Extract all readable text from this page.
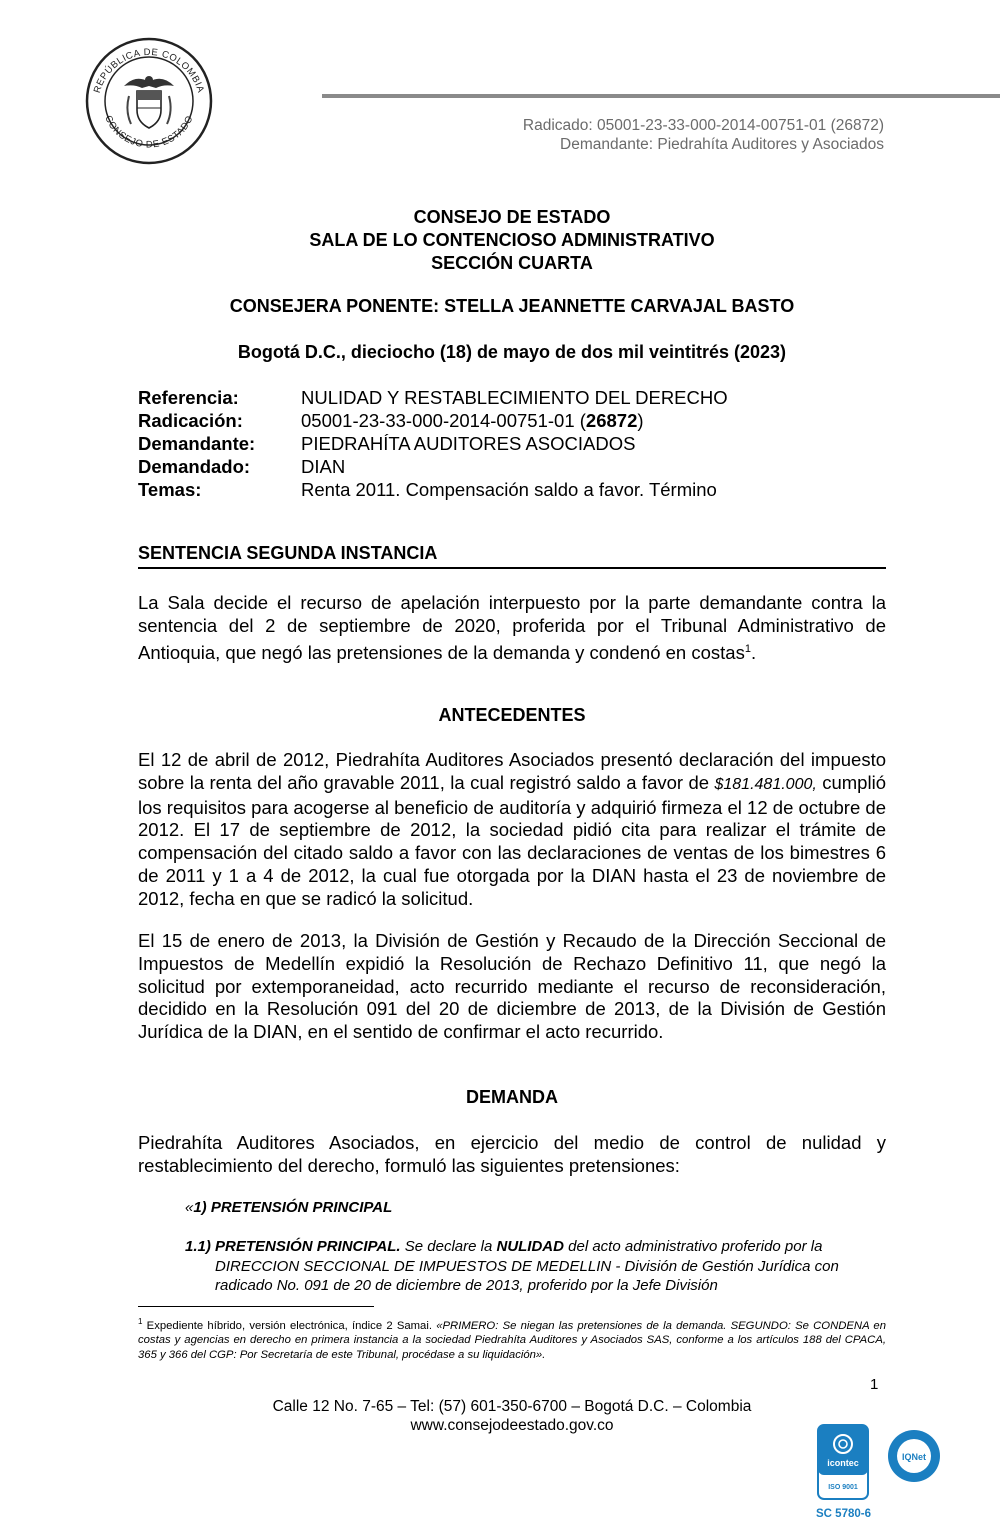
REPÚBLICA DE COLOMBIA
CONSEJO DE ESTADO	Radicado: 05001-23-33-000-2014-00751-01 (26872)
Demandante: Piedrahíta Auditores y Asociados
CONSEJO DE ESTADO
SALA DE LO CONTENCIOSO ADMINISTRATIVO
SECCIÓN CUARTA
CONSEJERA PONENTE: STELLA JEANNETTE CARVAJAL BASTO
Bogotá D.C., dieciocho (18) de mayo de dos mil veintitrés (2023)
Referencia:	NULIDAD Y RESTABLECIMIENTO DEL DERECHO
Radicación:	05001-23-33-000-2014-00751-01 (26872)
Demandante:	PIEDRAHÍTA AUDITORES ASOCIADOS
Demandado:	DIAN
Temas:	Renta 2011. Compensación saldo a favor. Término
SENTENCIA SEGUNDA INSTANCIA
La Sala decide el recurso de apelación interpuesto por la parte demandante contra la sentencia del 2 de septiembre de 2020, proferida por el Tribunal Administrativo de Antioquia, que negó las pretensiones de la demanda y condenó en costas$^1$.
ANTECEDENTES
El 12 de abril de 2012, Piedrahíta Auditores Asociados presentó declaración del impuesto sobre la renta del año gravable 2011, la cual registró saldo a favor de $181.481.000, cumplió los requisitos para acogerse al beneficio de auditoría y adquirió firmeza el 12 de octubre de 2012. El 17 de septiembre de 2012, la sociedad pidió cita para realizar el trámite de compensación del citado saldo a favor con las declaraciones de ventas de los bimestres 6 de 2011 y 1 a 4 de 2012, la cual fue otorgada por la DIAN hasta el 23 de noviembre de 2012, fecha en que se radicó la solicitud.
El 15 de enero de 2013, la División de Gestión y Recaudo de la Dirección Seccional de Impuestos de Medellín expidió la Resolución de Rechazo Definitivo 11, que negó la solicitud por extemporaneidad, acto recurrido mediante el recurso de reconsideración, decidido en la Resolución 091 del 20 de diciembre de 2013, de la División de Gestión Jurídica de la DIAN, en el sentido de confirmar el acto recurrido.
DEMANDA
Piedrahíta Auditores Asociados, en ejercicio del medio de control de nulidad y restablecimiento del derecho, formuló las siguientes pretensiones:
«1) PRETENSIÓN PRINCIPAL
1.1) PRETENSIÓN PRINCIPAL. Se declare la NULIDAD del acto administrativo proferido por la DIRECCION SECCIONAL DE IMPUESTOS DE MEDELLIN - División de Gestión Jurídica con radicado No. 091 de 20 de diciembre de 2013, proferido por la Jefe División
$^1$ Expediente híbrido, versión electrónica, índice 2 Samai. «PRIMERO: Se niegan las pretensiones de la demanda. SEGUNDO: Se CONDENA en costas y agencias en derecho en primera instancia a la sociedad Piedrahíta Auditores y Asociados SAS, conforme a los artículos 188 del CPACA, 365 y 366 del CGP: Por Secretaría de este Tribunal, procédase a su liquidación».
1
Calle 12 No. 7-65 – Tel: (57) 601-350-6700 – Bogotá D.C. – Colombia
www.consejodeestado.gov.co
icontec
ISO 9001
IQNet
SC 5780-6
